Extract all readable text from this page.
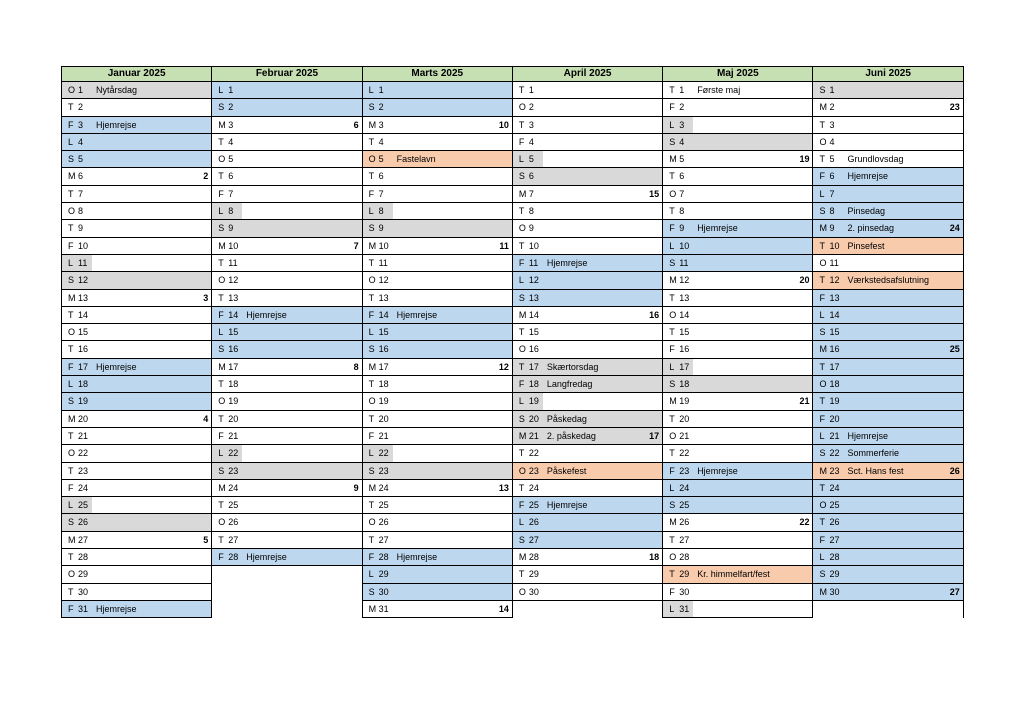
Januar 2025
O 1 Nytårsdag
T 2
F 3 Hjemrejse
L 4
S 5
M 6	2
T 7
O 8
T 9
F 10
L 11
S 12
M 13	3
T 14
O 15
T 16
F 17 Hjemrejse
L 18
S 19
M 20	4
T 21
O 22
T 23
F 24
L 25
S 26
M 27	5
T 28
O 29
T 30
F 31 Hjemrejse
Februar 2025
L 1
S 2
M 3	6
T 4
O 5
T 6
F 7
L 8
S 9
M 10	7
T 11
O 12
T 13
F 14 Hjemrejse
L 15
S 16
M 17	8
T 18
O 19
T 20
F 21
L 22
S 23
M 24	9
T 25
O 26
T 27
F 28 Hjemrejse
Marts 2025
L 1
S 2
M 3	10
T 4
O 5 Fastelavn
T 6
F 7
L 8
S 9
M 10	11
T 11
O 12
T 13
F 14 Hjemrejse
L 15
S 16
M 17	12
T 18
O 19
T 20
F 21
L 22
S 23
M 24	13
T 25
O 26
T 27
F 28 Hjemrejse
L 29
S 30
M 31	14
April 2025
T 1
O 2
T 3
F 4
L 5
S 6
M 7	15
T 8
O 9
T 10
F 11 Hjemrejse
L 12
S 13
M 14	16
T 15
O 16
T 17 Skærtorsdag
F 18 Langfredag
L 19
S 20 Påskedag
M 21 2. påskedag	17
T 22
O 23 Påskefest
T 24
F 25 Hjemrejse
L 26
S 27
M 28	18
T 29
O 30
Maj 2025
T 1 Første maj
F 2
L 3
S 4
M 5	19
T 6
O 7
T 8
F 9 Hjemrejse
L 10
S 11
M 12	20
T 13
O 14
T 15
F 16
L 17
S 18
M 19	21
T 20
O 21
T 22
F 23 Hjemrejse
L 24
S 25
M 26	22
T 27
O 28
T 29 Kr. himmelfart/fest
F 30
L 31
Juni 2025
S 1
M 2	23
T 3
O 4
T 5 Grundlovsdag
F 6 Hjemrejse
L 7
S 8 Pinsedag
M 9 2. pinsedag	24
T 10 Pinsefest
O 11
T 12 Værkstedsafslutning
F 13
L 14
S 15
M 16	25
T 17
O 18
T 19
F 20
L 21 Hjemrejse
S 22 Sommerferie
M 23 Sct. Hans fest	26
T 24
O 25
T 26
F 27
L 28
S 29
M 30	27
